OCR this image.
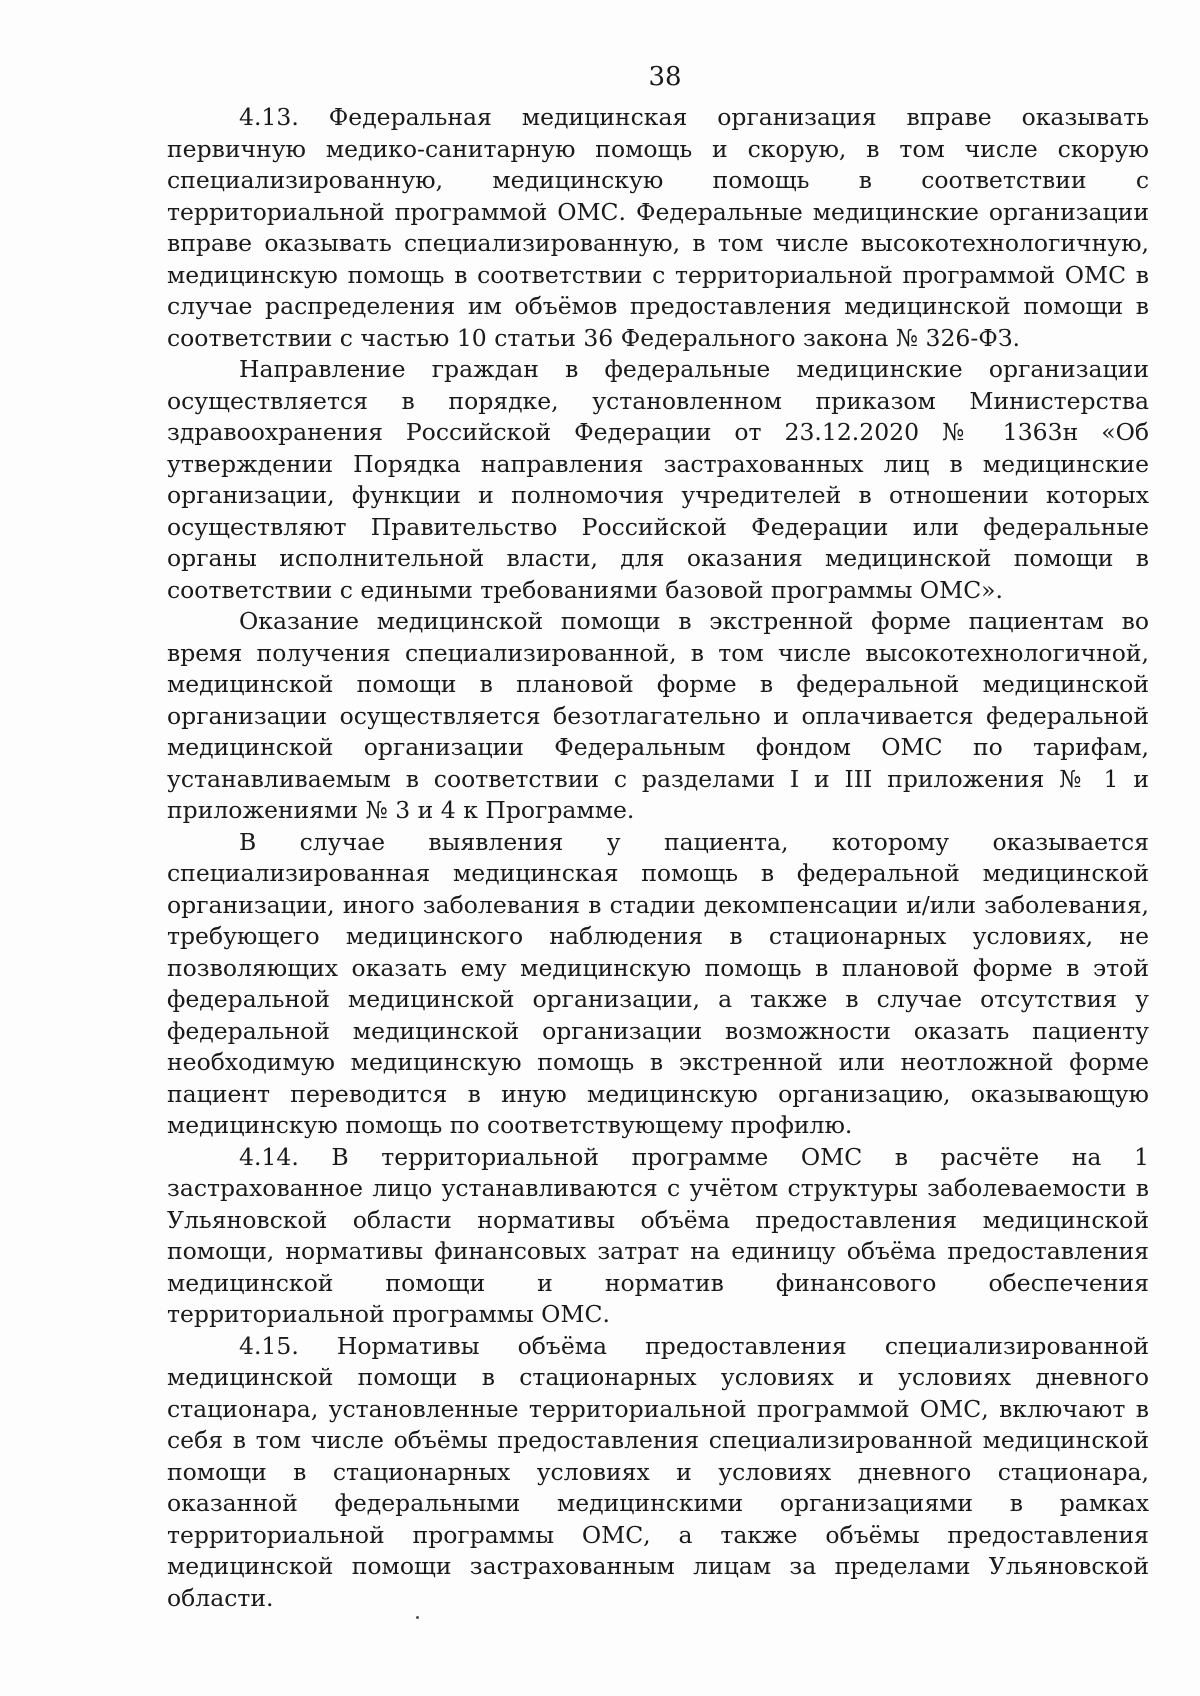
38

4.13. Федеральная медицинская организация вправе оказывать первичную медико-санитарную помощь и скорую, в том числе скорую специализированную, медицинскую помощь в соответствии с территориальной программой ОМС. Федеральные медицинские организации вправе оказывать специализированную, в том числе высокотехнологичную, медицинскую помощь в соответствии с территориальной программой ОМС в случае распределения им объёмов предоставления медицинской помощи в соответствии с частью 10 статьи 36 Федерального закона № 326-ФЗ.

Направление граждан в федеральные медицинские организации осуществляется в порядке, установленном приказом Министерства здравоохранения Российской Федерации от 23.12.2020 № 1363н «Об утверждении Порядка направления застрахованных лиц в медицинские организации, функции и полномочия учредителей в отношении которых осуществляют Правительство Российской Федерации или федеральные органы исполнительной власти, для оказания медицинской помощи в соответствии с едиными требованиями базовой программы ОМС».

Оказание медицинской помощи в экстренной форме пациентам во время получения специализированной, в том числе высокотехнологичной, медицинской помощи в плановой форме в федеральной медицинской организации осуществляется безотлагательно и оплачивается федеральной медицинской организации Федеральным фондом ОМС по тарифам, устанавливаемым в соответствии с разделами I и III приложения № 1 и приложениями № 3 и 4 к Программе.

В случае выявления у пациента, которому оказывается специализированная медицинская помощь в федеральной медицинской организации, иного заболевания в стадии декомпенсации и/или заболевания, требующего медицинского наблюдения в стационарных условиях, не позволяющих оказать ему медицинскую помощь в плановой форме в этой федеральной медицинской организации, а также в случае отсутствия у федеральной медицинской организации возможности оказать пациенту необходимую медицинскую помощь в экстренной или неотложной форме пациент переводится в иную медицинскую организацию, оказывающую медицинскую помощь по соответствующему профилю.

4.14. В территориальной программе ОМС в расчёте на 1 застрахованное лицо устанавливаются с учётом структуры заболеваемости в Ульяновской области нормативы объёма предоставления медицинской помощи, нормативы финансовых затрат на единицу объёма предоставления медицинской помощи и норматив финансового обеспечения территориальной программы ОМС.

4.15. Нормативы объёма предоставления специализированной медицинской помощи в стационарных условиях и условиях дневного стационара, установленные территориальной программой ОМС, включают в себя в том числе объёмы предоставления специализированной медицинской помощи в стационарных условиях и условиях дневного стационара, оказанной федеральными медицинскими организациями в рамках территориальной программы ОМС, а также объёмы предоставления медицинской помощи застрахованным лицам за пределами Ульяновской области.
